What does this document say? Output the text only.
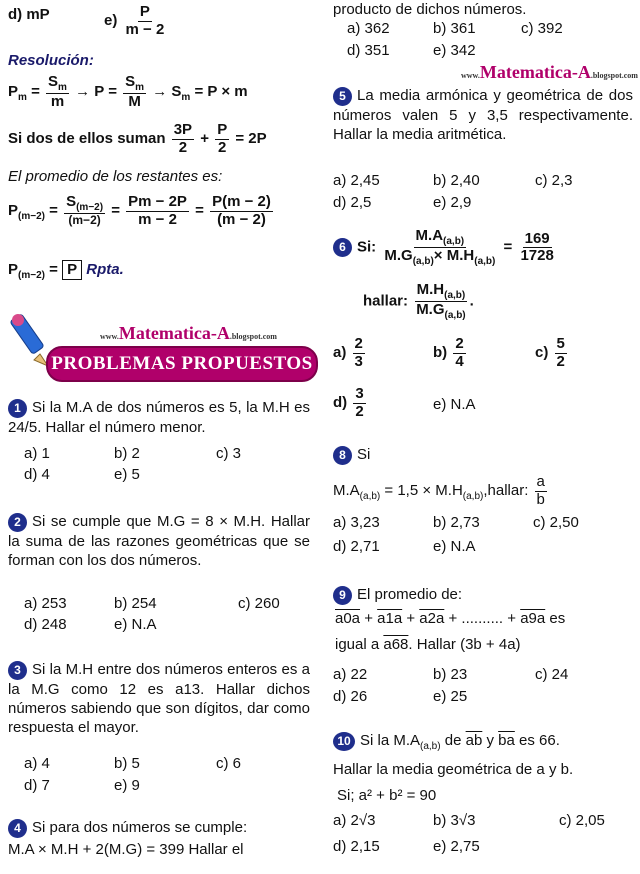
d) mP	$e) \frac{P}{m - 2}$
Resolución:
$P_m = \frac{S_m}{m} \to P = \frac{S_m}{M} \to S_m = P \times m$
Si dos de ellos suman $\frac{3P}{2} + \frac{P}{2} = 2P$
El promedio de los restantes es:
$P_{(m-2)} = \frac{S_{(m-2)}}{(m-2)} = \frac{Pm - 2P}{m - 2} = \frac{P(m - 2)}{(m - 2)}$
$P_{(m-2)} = P$ Rpta.
www.Matematica-A.blogspot.com
PROBLEMAS PROPUESTOS
1 Si la M.A de dos números es 5, la M.H es 24/5. Hallar el número menor.
a) 1	b) 2	c) 3
d) 4	e) 5
2 Si se cumple que M.G = 8 × M.H. Hallar la suma de las razones geométricas que se forman con los dos números.
a) 253	b) 254	c) 260
d) 248	e) N.A
3 Si la M.H entre dos números enteros es a la M.G como 12 es a13. Hallar dichos números sabiendo que son dígitos, dar como respuesta el mayor.
a) 4	b) 5	c) 6
d) 7	e) 9
4 Si para dos números se cumple:
M.A × M.H + 2(M.G) = 399 Hallar el
producto de dichos números.
a) 362	b) 361	c) 392
d) 351	e) 342
www.Matematica-A.blogspot.com
5 La media armónica y geométrica de dos números valen 5 y 3,5 respectivamente. Hallar la media aritmética.
a) 2,45	b) 2,40	c) 2,3
d) 2,5	e) 2,9
6 Si: $\frac{M.A_{(a,b)}}{M.G_{(a,b)}\times M.H_{(a,b)}} = \frac{169}{1728}$
hallar: $\frac{M.H_{(a,b)}}{M.G_{(a,b)}}$ .
$a) \frac{2}{3}$	$b) \frac{2}{4}$	$c) \frac{5}{2}$
$d) \frac{3}{2}$	e) N.A
8 Si
$M.A_{(a,b)} = 1,5$ × $M.H_{(a,b)},hallar$: $\frac{a}{b}$
a) 3,23	b) 2,73	c) 2,50
d) 2,71	e) N.A
9 El promedio de:
a0a + a1a + a2a + .......... + a9a es
igual a a68. Hallar (3b + 4a)
a) 22	b) 23	c) 24
d) 26	e) 25
10 Si la $M.A_{(a,b)}$ de $\overline{ab}$ y $\overline{ba}$ es 66.
Hallar la media geométrica de a y b.
Si; a² + b² = 90
a) 2√3	b) 3√3	c) 2,05
d) 2,15	e) 2,75
